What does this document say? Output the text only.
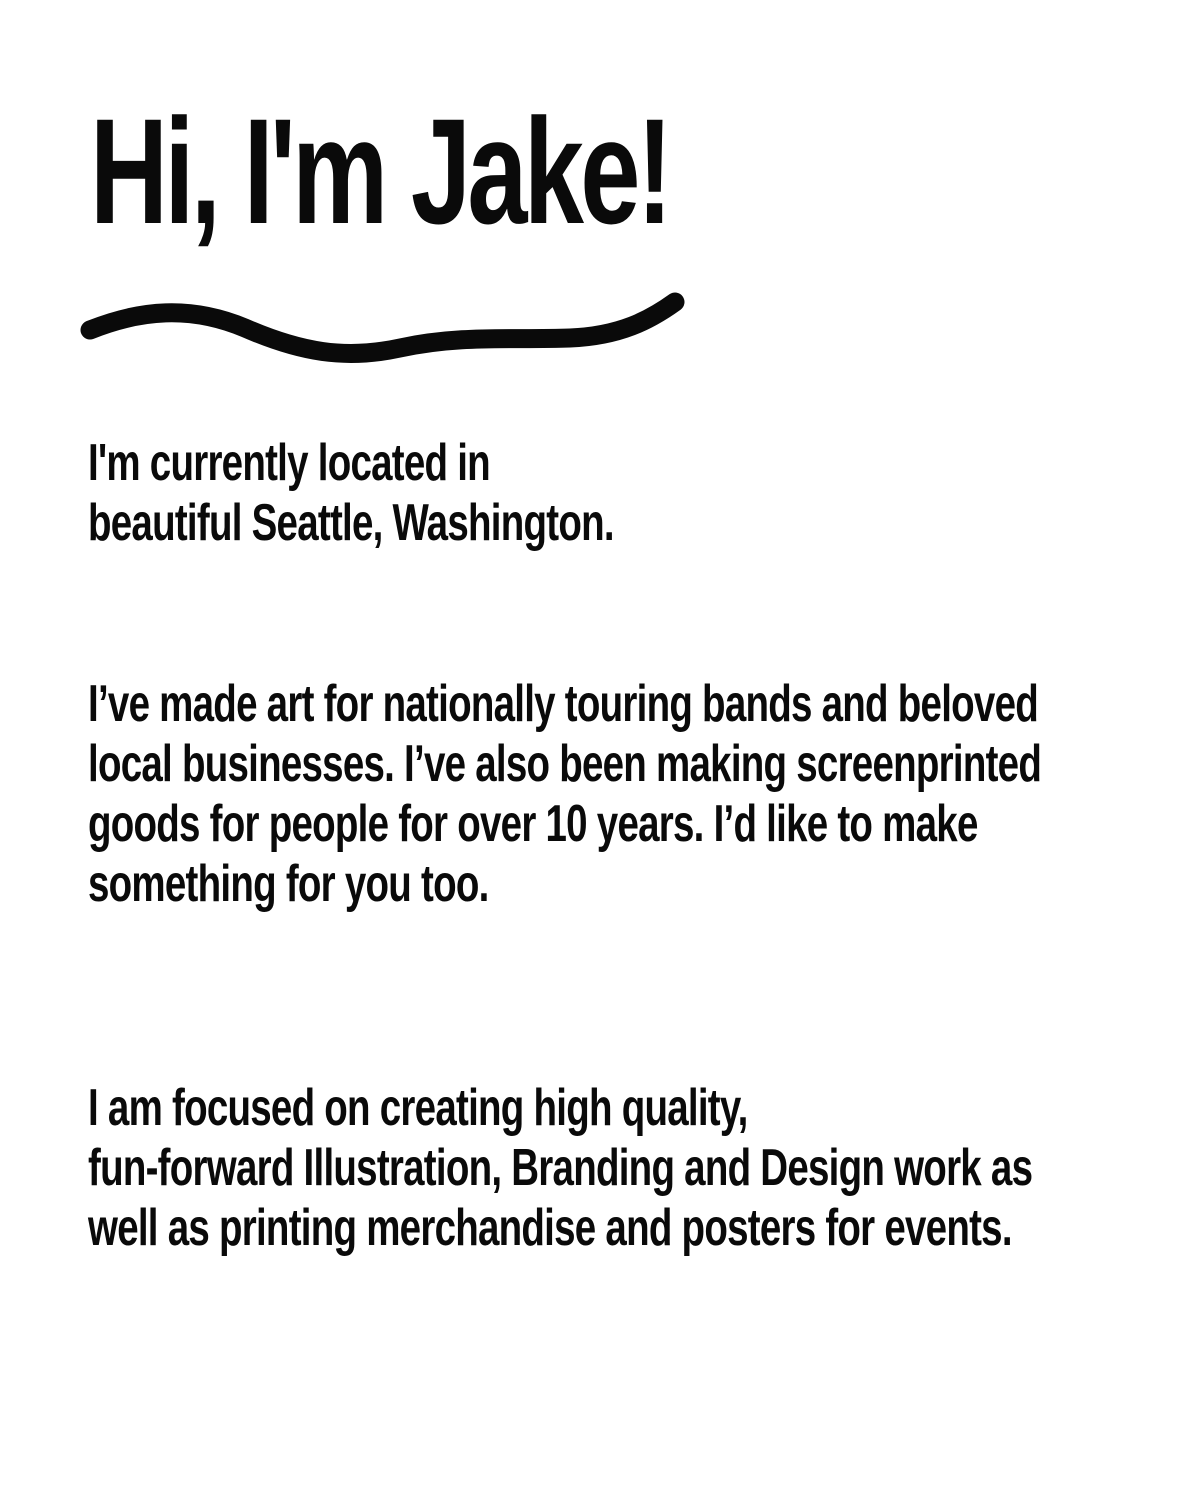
Hi, I'm Jake!

I'm currently located in
beautiful Seattle, Washington.

I’ve made art for nationally touring bands and beloved
local businesses. I’ve also been making screenprinted
goods for people for over 10 years. I’d like to make
something for you too.

I am focused on creating high quality,
fun-forward Illustration, Branding and Design work as
well as printing merchandise and posters for events.
